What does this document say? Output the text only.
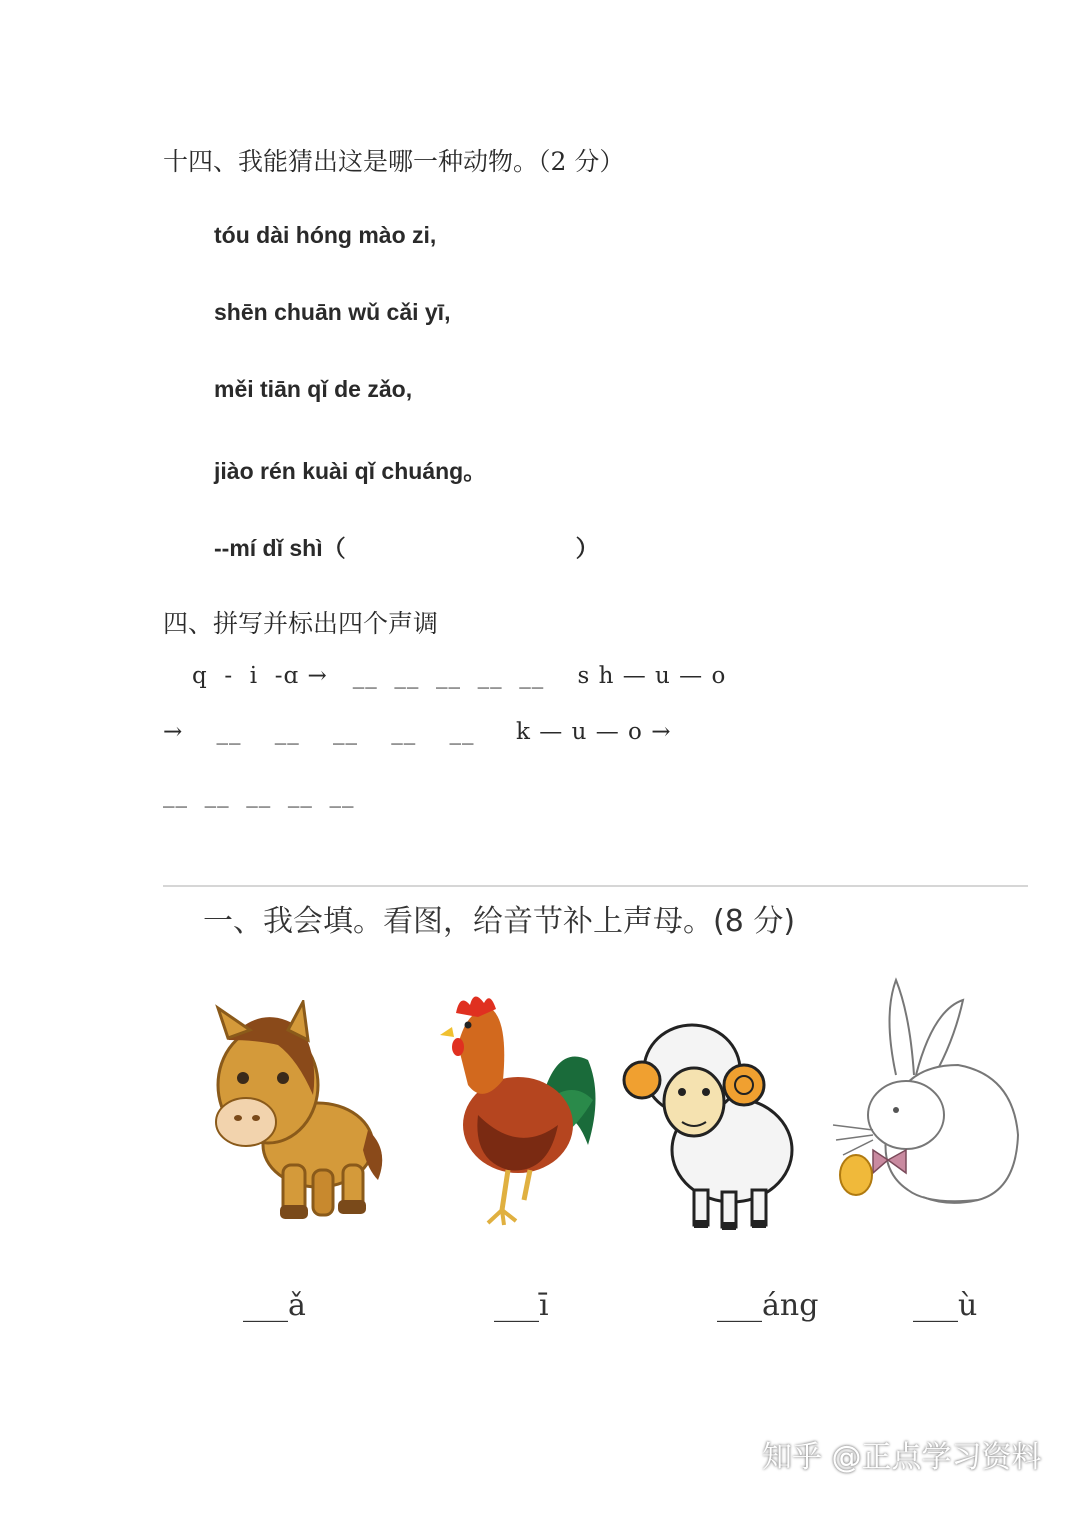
十四、我能猜出这是哪一种动物。（2 分）
tóu dài hóng mào zi,
shēn chuān wǔ cǎi yī,
měi tiān qǐ de zǎo,
jiào rén kuài qǐ chuáng。
--mí dǐ shì（                                    ）
四、拼写并标出四个声调
q  -  i  -ɑ →   __  __  __  __  __    s h — u — o
→    __    __    __    __    __     k — u — o →
__  __  __  __  __
一、我会填。看图，给音节补上声母。(8 分)
___ǎ	___ī	___áng	___ù
知乎 @正点学习资料
